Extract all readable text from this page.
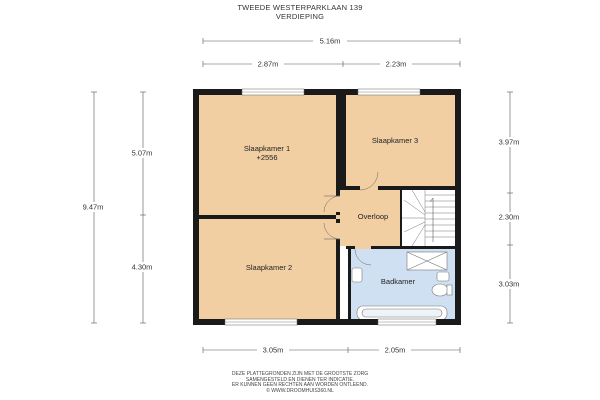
TWEEDE WESTERPARKLAAN 139
VERDIEPING
5.16m
2.87m	2.23m
9.47m
5.07m
4.30m
3.97m
2.30m
3.03m
3.05m	2.05m
Slaapkamer 1
+2556
Slaapkamer 2
Slaapkamer 3
Overloop
Badkamer
DEZE PLATTEGRONDEN ZIJN MET DE GROOTSTE ZORG
SAMENGESTELD EN DIENEN TER INDICATIE.
ER KUNNEN GEEN RECHTEN AAN WORDEN ONTLEEND.
© WWW.DROOMHUIS360.NL
